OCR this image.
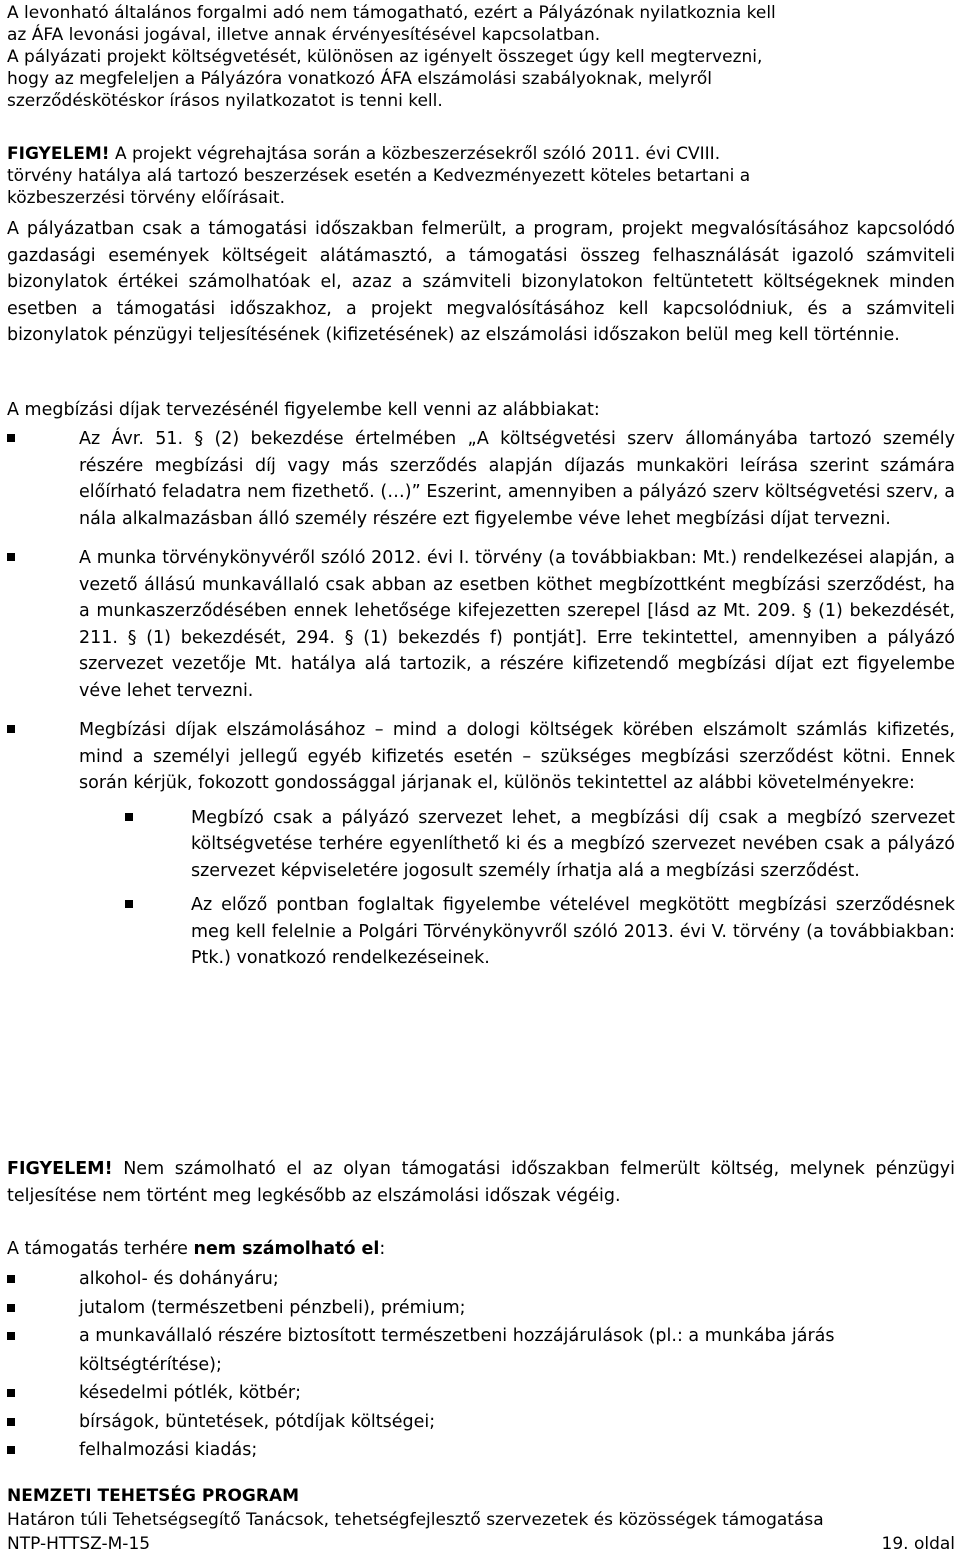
A levonható általános forgalmi adó nem támogatható, ezért a Pályázónak nyilatkoznia kell

az ÁFA levonási jogával, illetve annak érvényesítésével kapcsolatban.

A pályázati projekt költségvetését, különösen az igényelt összeget úgy kell megtervezni,

hogy az megfeleljen a Pályázóra vonatkozó ÁFA elszámolási szabályoknak, melyről

szerződéskötéskor írásos nyilatkozatot is tenni kell.

FIGYELEM! A projekt végrehajtása során a közbeszerzésekről szóló 2011. évi CVIII.

törvény hatálya alá tartozó beszerzések esetén a Kedvezményezett köteles betartani a

közbeszerzési törvény előírásait.

A pályázatban csak a támogatási időszakban felmerült, a program, projekt megvalósításához kapcsolódó gazdasági események költségeit alátámasztó, a támogatási összeg felhasználását igazoló számviteli bizonylatok értékei számolhatóak el, azaz a számviteli bizonylatokon feltüntetett költségeknek minden esetben a támogatási időszakhoz, a projekt megvalósításához kell kapcsolódniuk, és a számviteli bizonylatok pénzügyi teljesítésének (kifizetésének) az elszámolási időszakon belül meg kell történnie.

A megbízási díjak tervezésénél figyelembe kell venni az alábbiakat:

Az Ávr. 51. § (2) bekezdése értelmében „A költségvetési szerv állományába tartozó személy részére megbízási díj vagy más szerződés alapján díjazás munkaköri leírása szerint számára előírható feladatra nem fizethető. (…)” Eszerint, amennyiben a pályázó szerv költségvetési szerv, a nála alkalmazásban álló személy részére ezt figyelembe véve lehet megbízási díjat tervezni.

A munka törvénykönyvéről szóló 2012. évi I. törvény (a továbbiakban: Mt.) rendelkezései alapján, a vezető állású munkavállaló csak abban az esetben köthet megbízottként megbízási szerződést, ha a munkaszerződésében ennek lehetősége kifejezetten szerepel [lásd az Mt. 209. § (1) bekezdését, 211. § (1) bekezdését, 294. § (1) bekezdés f) pontját]. Erre tekintettel, amennyiben a pályázó szervezet vezetője Mt. hatálya alá tartozik, a részére kifizetendő megbízási díjat ezt figyelembe véve lehet tervezni.

Megbízási díjak elszámolásához – mind a dologi költségek körében elszámolt számlás kifizetés, mind a személyi jellegű egyéb kifizetés esetén – szükséges megbízási szerződést kötni. Ennek során kérjük, fokozott gondossággal járjanak el, különös tekintettel az alábbi követelményekre:

Megbízó csak a pályázó szervezet lehet, a megbízási díj csak a megbízó szervezet költségvetése terhére egyenlíthető ki és a megbízó szervezet nevében csak a pályázó szervezet képviseletére jogosult személy írhatja alá a megbízási szerződést.

Az előző pontban foglaltak figyelembe vételével megkötött megbízási szerződésnek meg kell felelnie a Polgári Törvénykönyvről szóló 2013. évi V. törvény (a továbbiakban: Ptk.) vonatkozó rendelkezéseinek.

FIGYELEM! Nem számolható el az olyan támogatási időszakban felmerült költség, melynek pénzügyi teljesítése nem történt meg legkésőbb az elszámolási időszak végéig.

A támogatás terhére nem számolható el:

alkohol- és dohányáru;

jutalom (természetbeni pénzbeli), prémium;

a munkavállaló részére biztosított természetbeni hozzájárulások (pl.: a munkába járás költségtérítése);

késedelmi pótlék, kötbér;

bírságok, büntetések, pótdíjak költségei;

felhalmozási kiadás;

NEMZETI TEHETSÉG PROGRAM
Határon túli Tehetségsegítő Tanácsok, tehetségfejlesztő szervezetek és közösségek támogatása
NTP-HTTSZ-M-15	19. oldal
